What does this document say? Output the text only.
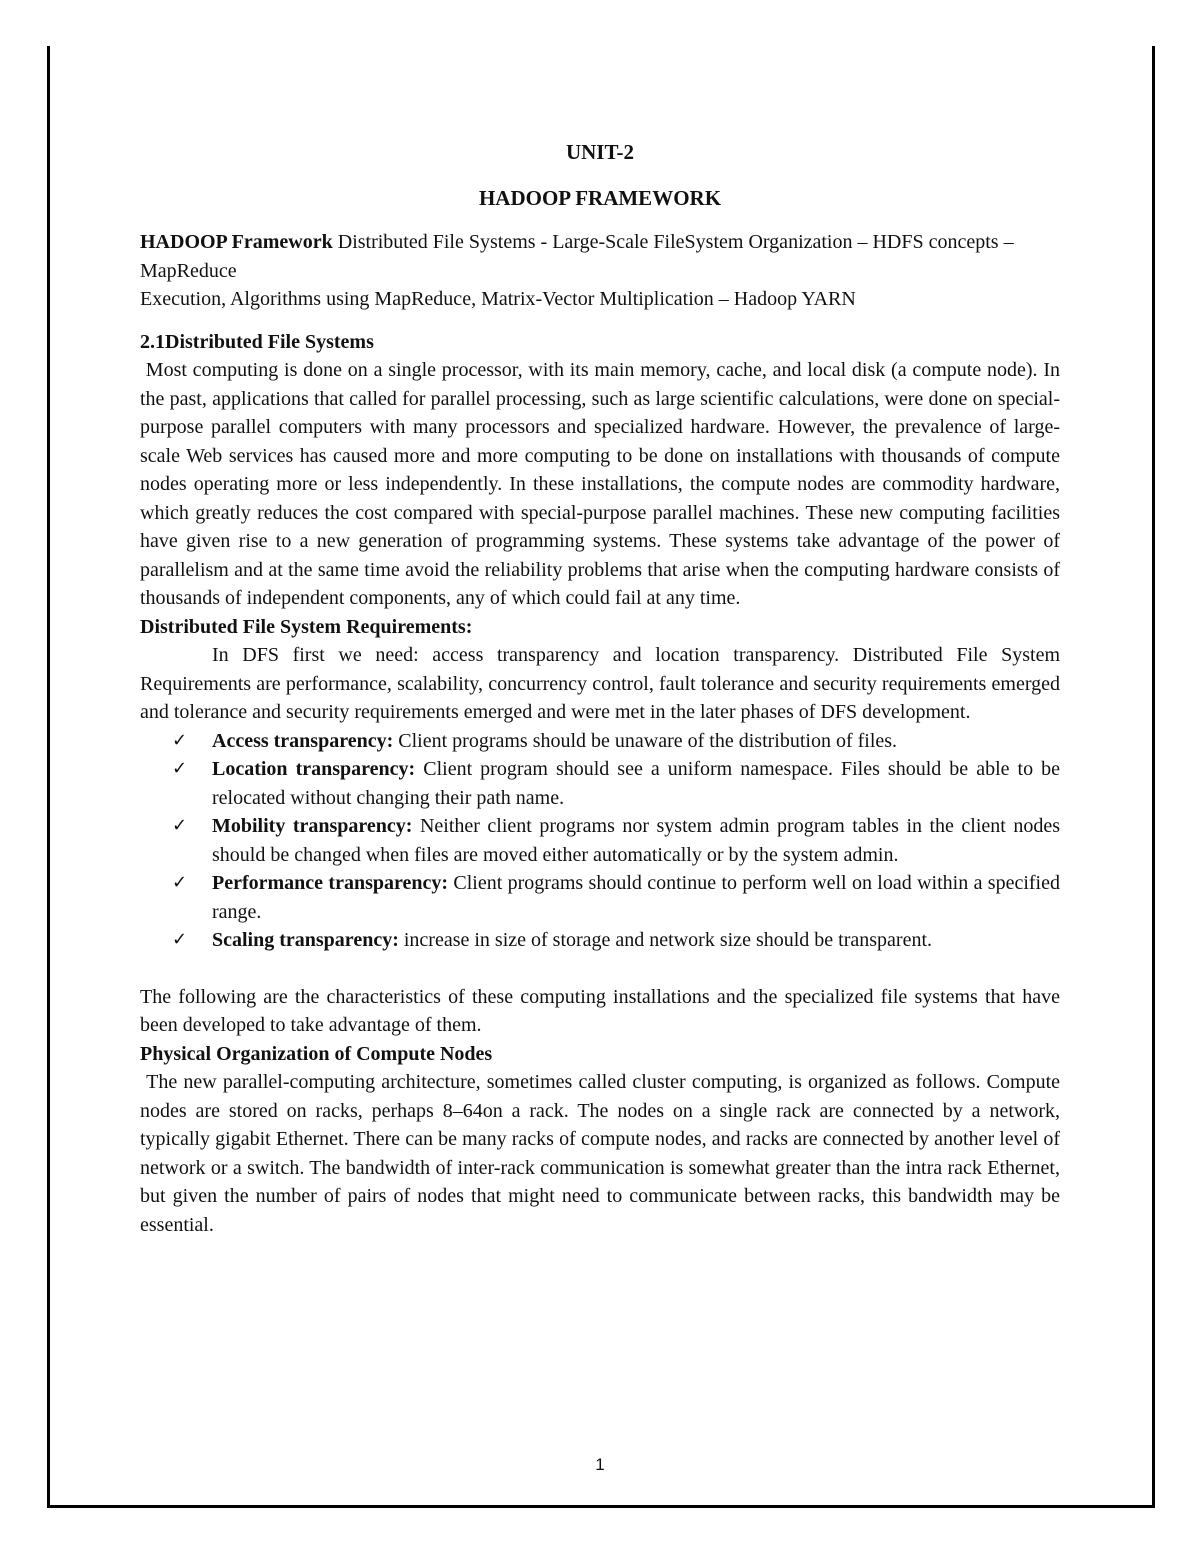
UNIT-2
HADOOP FRAMEWORK

HADOOP Framework Distributed File Systems - Large-Scale FileSystem Organization – HDFS concepts – MapReduce

Execution, Algorithms using MapReduce, Matrix-Vector Multiplication – Hadoop YARN

2.1Distributed File Systems

Most computing is done on a single processor, with its main memory, cache, and local disk (a compute node). In the past, applications that called for parallel processing, such as large scientific calculations, were done on special-purpose parallel computers with many processors and specialized hardware. However, the prevalence of large-scale Web services has caused more and more computing to be done on installations with thousands of compute nodes operating more or less independently. In these installations, the compute nodes are commodity hardware, which greatly reduces the cost compared with special-purpose parallel machines. These new computing facilities have given rise to a new generation of programming systems. These systems take advantage of the power of parallelism and at the same time avoid the reliability problems that arise when the computing hardware consists of thousands of independent components, any of which could fail at any time.

Distributed File System Requirements:

In DFS first we need: access transparency and location transparency. Distributed File System Requirements are performance, scalability, concurrency control, fault tolerance and security requirements emerged and tolerance and security requirements emerged and were met in the later phases of DFS development.

✓ Access transparency: Client programs should be unaware of the distribution of files.
✓ Location transparency: Client program should see a uniform namespace. Files should be able to be relocated without changing their path name.
✓ Mobility transparency: Neither client programs nor system admin program tables in the client nodes should be changed when files are moved either automatically or by the system admin.
✓ Performance transparency: Client programs should continue to perform well on load within a specified range.
✓ Scaling transparency: increase in size of storage and network size should be transparent.

The following are the characteristics of these computing installations and the specialized file systems that have been developed to take advantage of them.

Physical Organization of Compute Nodes

The new parallel-computing architecture, sometimes called cluster computing, is organized as follows. Compute nodes are stored on racks, perhaps 8–64on a rack. The nodes on a single rack are connected by a network, typically gigabit Ethernet. There can be many racks of compute nodes, and racks are connected by another level of network or a switch. The bandwidth of inter-rack communication is somewhat greater than the intra rack Ethernet, but given the number of pairs of nodes that might need to communicate between racks, this bandwidth may be essential.

1
